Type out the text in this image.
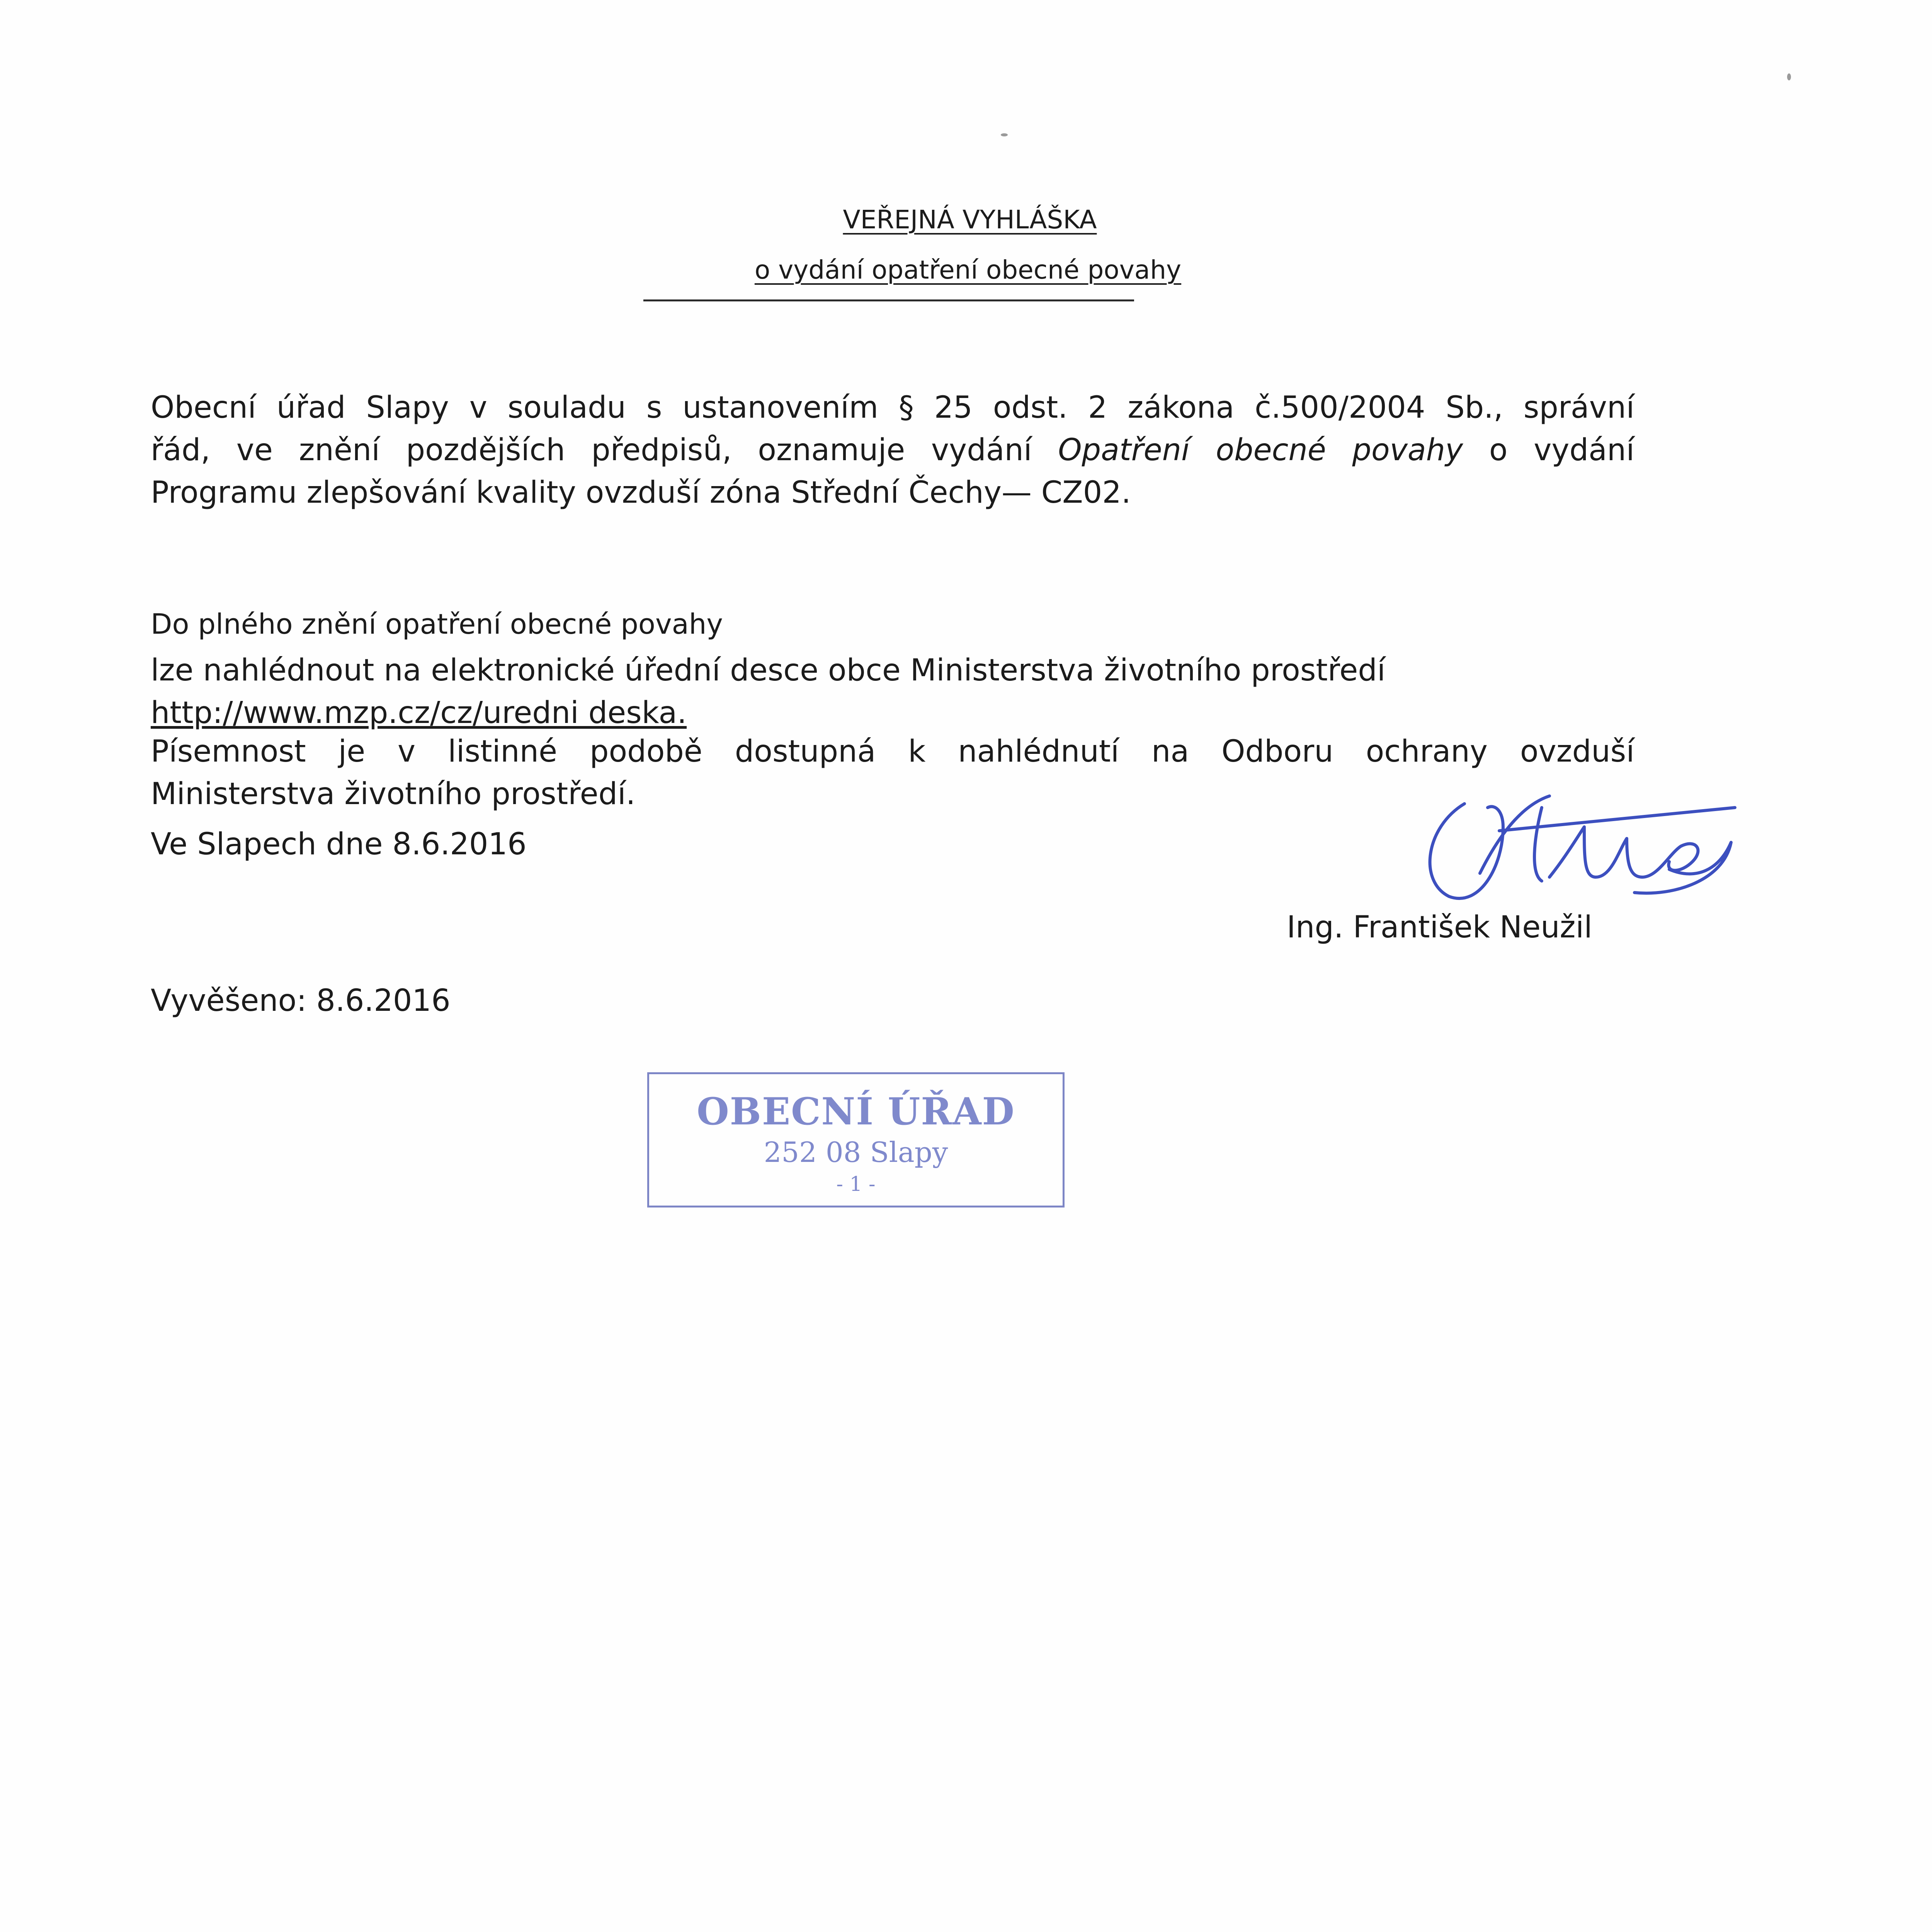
VEŘEJNÁ VYHLÁŠKA
o vydání opatření obecné povahy
Obecní úřad Slapy v souladu s ustanovením § 25 odst. 2 zákona č.500/2004 Sb., správní
řád, ve znění pozdějších předpisů, oznamuje vydání Opatření obecné povahy o vydání
Programu zlepšování kvality ovzduší zóna Střední Čechy— CZ02.
Do plného znění opatření obecné povahy
lze nahlédnout na elektronické úřední desce obce Ministerstva životního prostředí
http://www.mzp.cz/cz/uredni deska.
Písemnost je v listinné podobě dostupná k nahlédnutí na Odboru ochrany ovzduší
Ministerstva životního prostředí.
Ve Slapech dne 8.6.2016
Ing. František Neužil
Vyvěšeno: 8.6.2016
OBECNÍ ÚŘAD
252 08 Slapy
- 1 -
